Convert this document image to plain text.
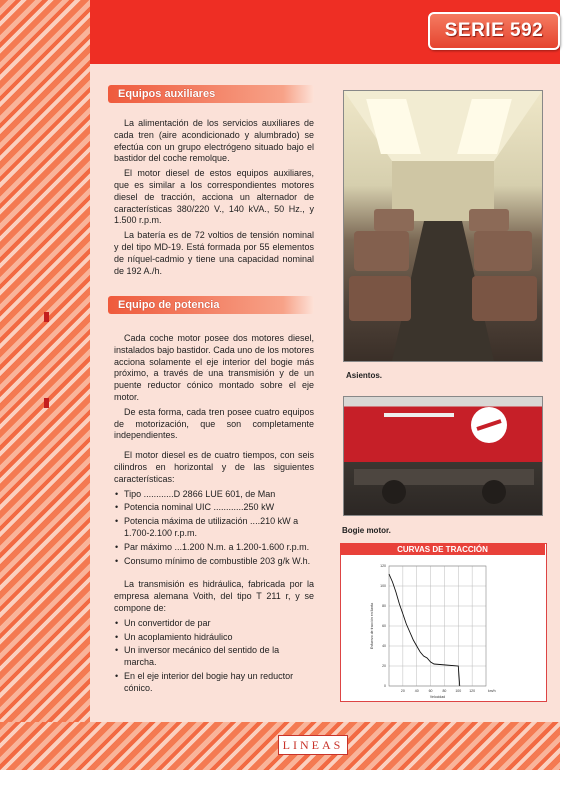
SERIE 592
Equipos auxiliares

La alimentación de los servicios auxiliares de cada tren (aire acondicionado y alumbrado) se efectúa con un grupo electrógeno situado bajo el bastidor del coche remolque.

El motor diesel de estos equipos auxiliares, que es similar a los correspondientes motores diesel de tracción, acciona un alternador de características 380/220 V., 140 kVA., 50 Hz., y 1.500 r.p.m.

La batería es de 72 voltios de tensión nominal y del tipo MD-19. Está formada por 55 elementos de níquel-cadmio y tiene una capacidad nominal de 192 A./h.

Equipo de potencia

Cada coche motor posee dos motores diesel, instalados bajo bastidor. Cada uno de los motores acciona solamente el eje interior del bogie más próximo, a través de una transmisión y de un puente reductor cónico montado sobre el eje motor.

De esta forma, cada tren posee cuatro equipos de motorización, que son completamente independientes.

El motor diesel es de cuatro tiempos, con seis cilindros en horizontal y de las siguientes características:

• Tipo ............D 2866 LUE 601, de Man
• Potencia nominal UIC ............250 kW
• Potencia máxima de utilización ....210 kW a 1.700-2.100 r.p.m.
• Par máximo ...1.200 N.m. a 1.200-1.600 r.p.m.
• Consumo mínimo de combustible 203 g/k W.h.

La transmisión es hidráulica, fabricada por la empresa alemana Voith, del tipo T 211 r, y se compone de:

• Un convertidor de par
• Un acoplamiento hidráulico
• Un inversor mecánico del sentido de la marcha.
• En el eje interior del bogie hay un reductor cónico.
Asientos.
Bogie motor.
20	40	60	80	100 120
0
20
40
60
80
100
120
km/h
Velocidad
Esfuerzo de tracción en llanta
CURVAS DE TRACCIÓN
LINEAS
